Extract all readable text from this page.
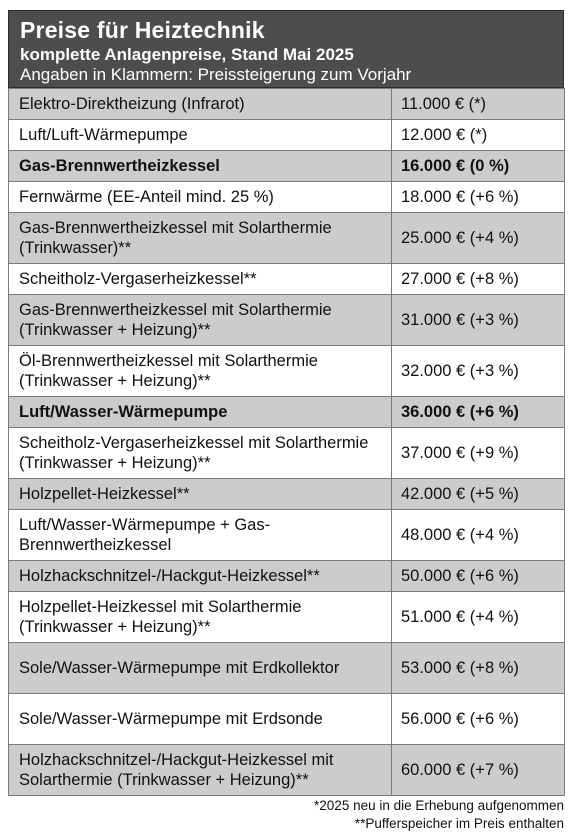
Preise für Heiztechnik
komplette Anlagenpreise, Stand Mai 2025
Angaben in Klammern: Preissteigerung zum Vorjahr
Elektro-Direktheizung (Infrarot)	11.000 € (*)
Luft/Luft-Wärmepumpe	12.000 € (*)
Gas-Brennwertheizkessel	16.000 € (0 %)
Fernwärme (EE-Anteil mind. 25 %)	18.000 € (+6 %)
Gas-Brennwertheizkessel mit Solarthermie (Trinkwasser)**	25.000 € (+4 %)
Scheitholz-Vergaserheizkessel**	27.000 € (+8 %)
Gas-Brennwertheizkessel mit Solarthermie (Trinkwasser + Heizung)**	31.000 € (+3 %)
Öl-Brennwertheizkessel mit Solarthermie (Trinkwasser + Heizung)**	32.000 € (+3 %)
Luft/Wasser-Wärmepumpe	36.000 € (+6 %)
Scheitholz-Vergaserheizkessel mit Solarthermie (Trinkwasser + Heizung)**	37.000 € (+9 %)
Holzpellet-Heizkessel**	42.000 € (+5 %)
Luft/Wasser-Wärmepumpe + Gas-Brennwertheizkessel	48.000 € (+4 %)
Holzhackschnitzel-/Hackgut-Heizkessel**	50.000 € (+6 %)
Holzpellet-Heizkessel mit Solarthermie (Trinkwasser + Heizung)**	51.000 € (+4 %)
Sole/Wasser-Wärmepumpe mit Erdkollektor	53.000 € (+8 %)
Sole/Wasser-Wärmepumpe mit Erdsonde	56.000 € (+6 %)
Holzhackschnitzel-/Hackgut-Heizkessel mit Solarthermie (Trinkwasser + Heizung)**	60.000 € (+7 %)
*2025 neu in die Erhebung aufgenommen
**Pufferspeicher im Preis enthalten
